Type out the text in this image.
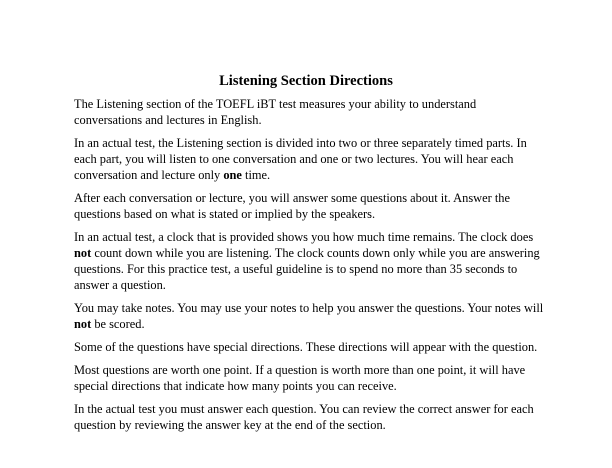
Listening Section Directions

The Listening section of the TOEFL iBT test measures your ability to understand conversations and lectures in English.

In an actual test, the Listening section is divided into two or three separately timed parts. In each part, you will listen to one conversation and one or two lectures. You will hear each conversation and lecture only one time.

After each conversation or lecture, you will answer some questions about it. Answer the questions based on what is stated or implied by the speakers.

In an actual test, a clock that is provided shows you how much time remains. The clock does not count down while you are listening. The clock counts down only while you are answering questions. For this practice test, a useful guideline is to spend no more than 35 seconds to answer a question.

You may take notes. You may use your notes to help you answer the questions. Your notes will not be scored.

Some of the questions have special directions. These directions will appear with the question.

Most questions are worth one point. If a question is worth more than one point, it will have special directions that indicate how many points you can receive.

In the actual test you must answer each question. You can review the correct answer for each question by reviewing the answer key at the end of the section.
